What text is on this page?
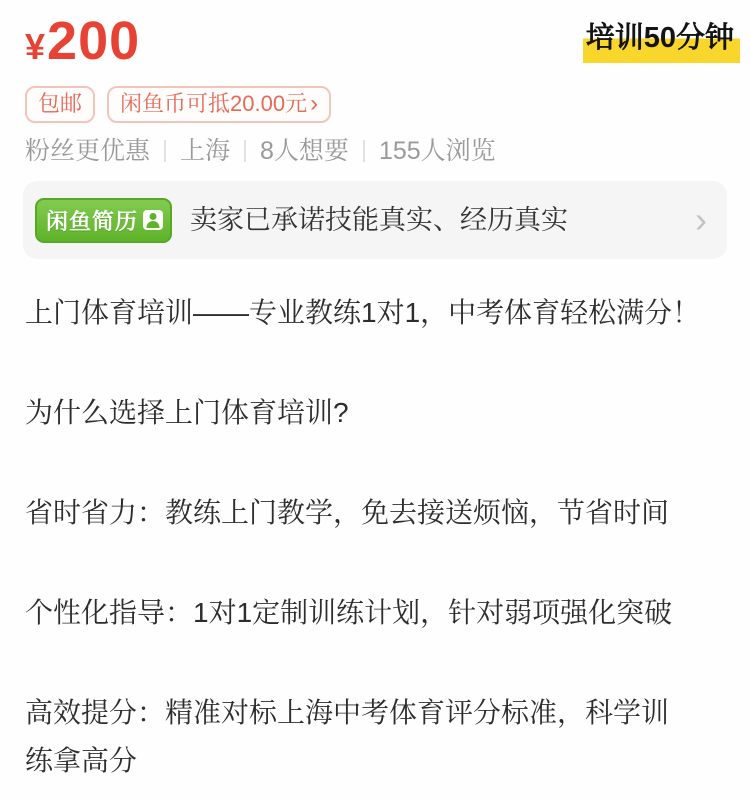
¥ 200	培训50分钟
包邮 闲鱼币可抵20.00元 ›
粉丝更优惠 上海 8人想要 155人浏览
闲鱼简历 卖家已承诺技能真实、经历真实	›
上门体育培训——专业教练1对1，中考体育轻松满分！
为什么选择上门体育培训?
省时省力：教练上门教学，免去接送烦恼，节省时间
个性化指导：1对1定制训练计划，针对弱项强化突破
高效提分：精准对标上海中考体育评分标准，科学训
练拿高分
